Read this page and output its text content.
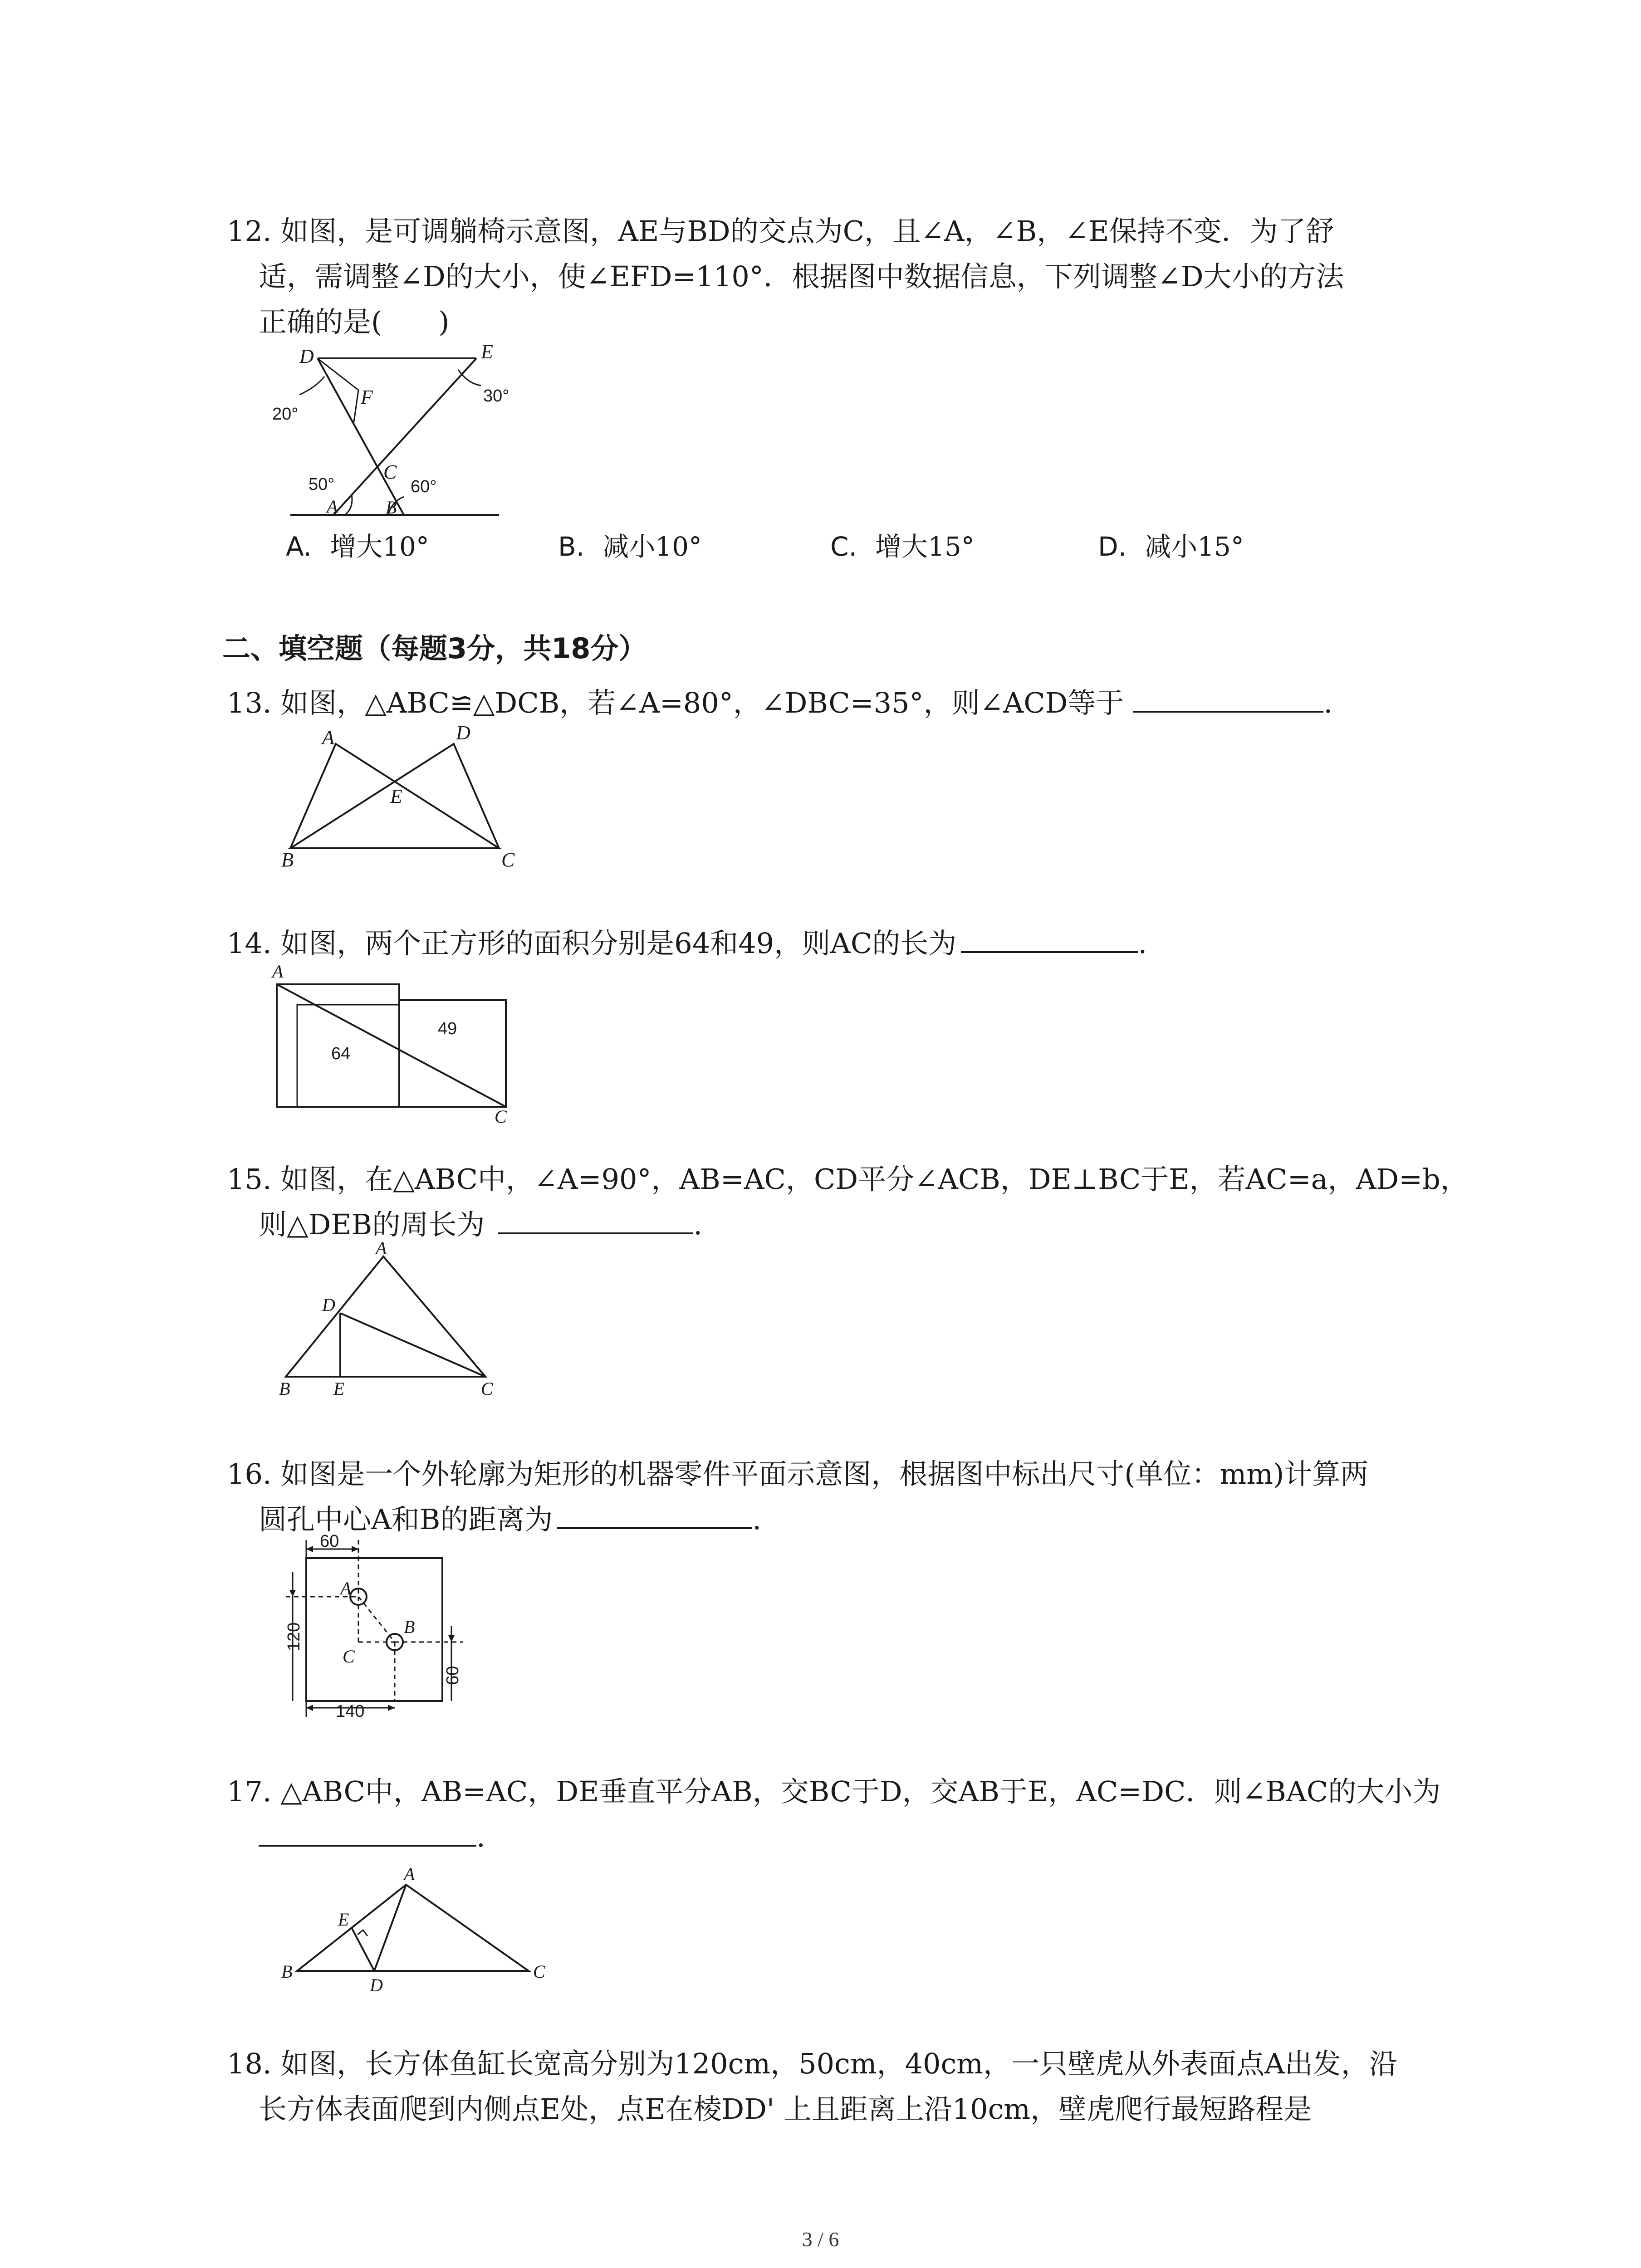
12. 如图，是可调躺椅示意图，AE与BD的交点为C，且∠A，∠B，∠E保持不变．为了舒
适，需调整∠D的大小，使∠EFD=110°．根据图中数据信息，下列调整∠D大小的方法
正确的是(　　)
D	E
F
C
A	B
20°
30°
50°	60°
A. 增大10°	B. 减小10°	C. 增大15°	D. 减小15°
二、填空题（每题3分，共18分）
13. 如图，△ABC≌△DCB，若∠A=80°，∠DBC=35°，则∠ACD等于	.
A	D
E
B	C
14. 如图，两个正方形的面积分别是64和49，则AC的长为	.
A
C
64
49
15. 如图，在△ABC中，∠A=90°，AB=AC，CD平分∠ACB，DE⊥BC于E，若AC=a，AD=b，
则△DEB的周长为	.
A
D
B E	C
16. 如图是一个外轮廓为矩形的机器零件平面示意图，根据图中标出尺寸(单位：mm)计算两
圆孔中心A和B的距离为	.
60
120
140
60
A
B
C
17. △ABC中，AB=AC，DE垂直平分AB，交BC于D，交AB于E，AC=DC．则∠BAC的大小为
.
A
E
B
D
C
18. 如图，长方体鱼缸长宽高分别为120cm，50cm，40cm，一只壁虎从外表面点A出发，沿
长方体表面爬到内侧点E处，点E在棱DD' 上且距离上沿10cm，壁虎爬行最短路程是
3 / 6
